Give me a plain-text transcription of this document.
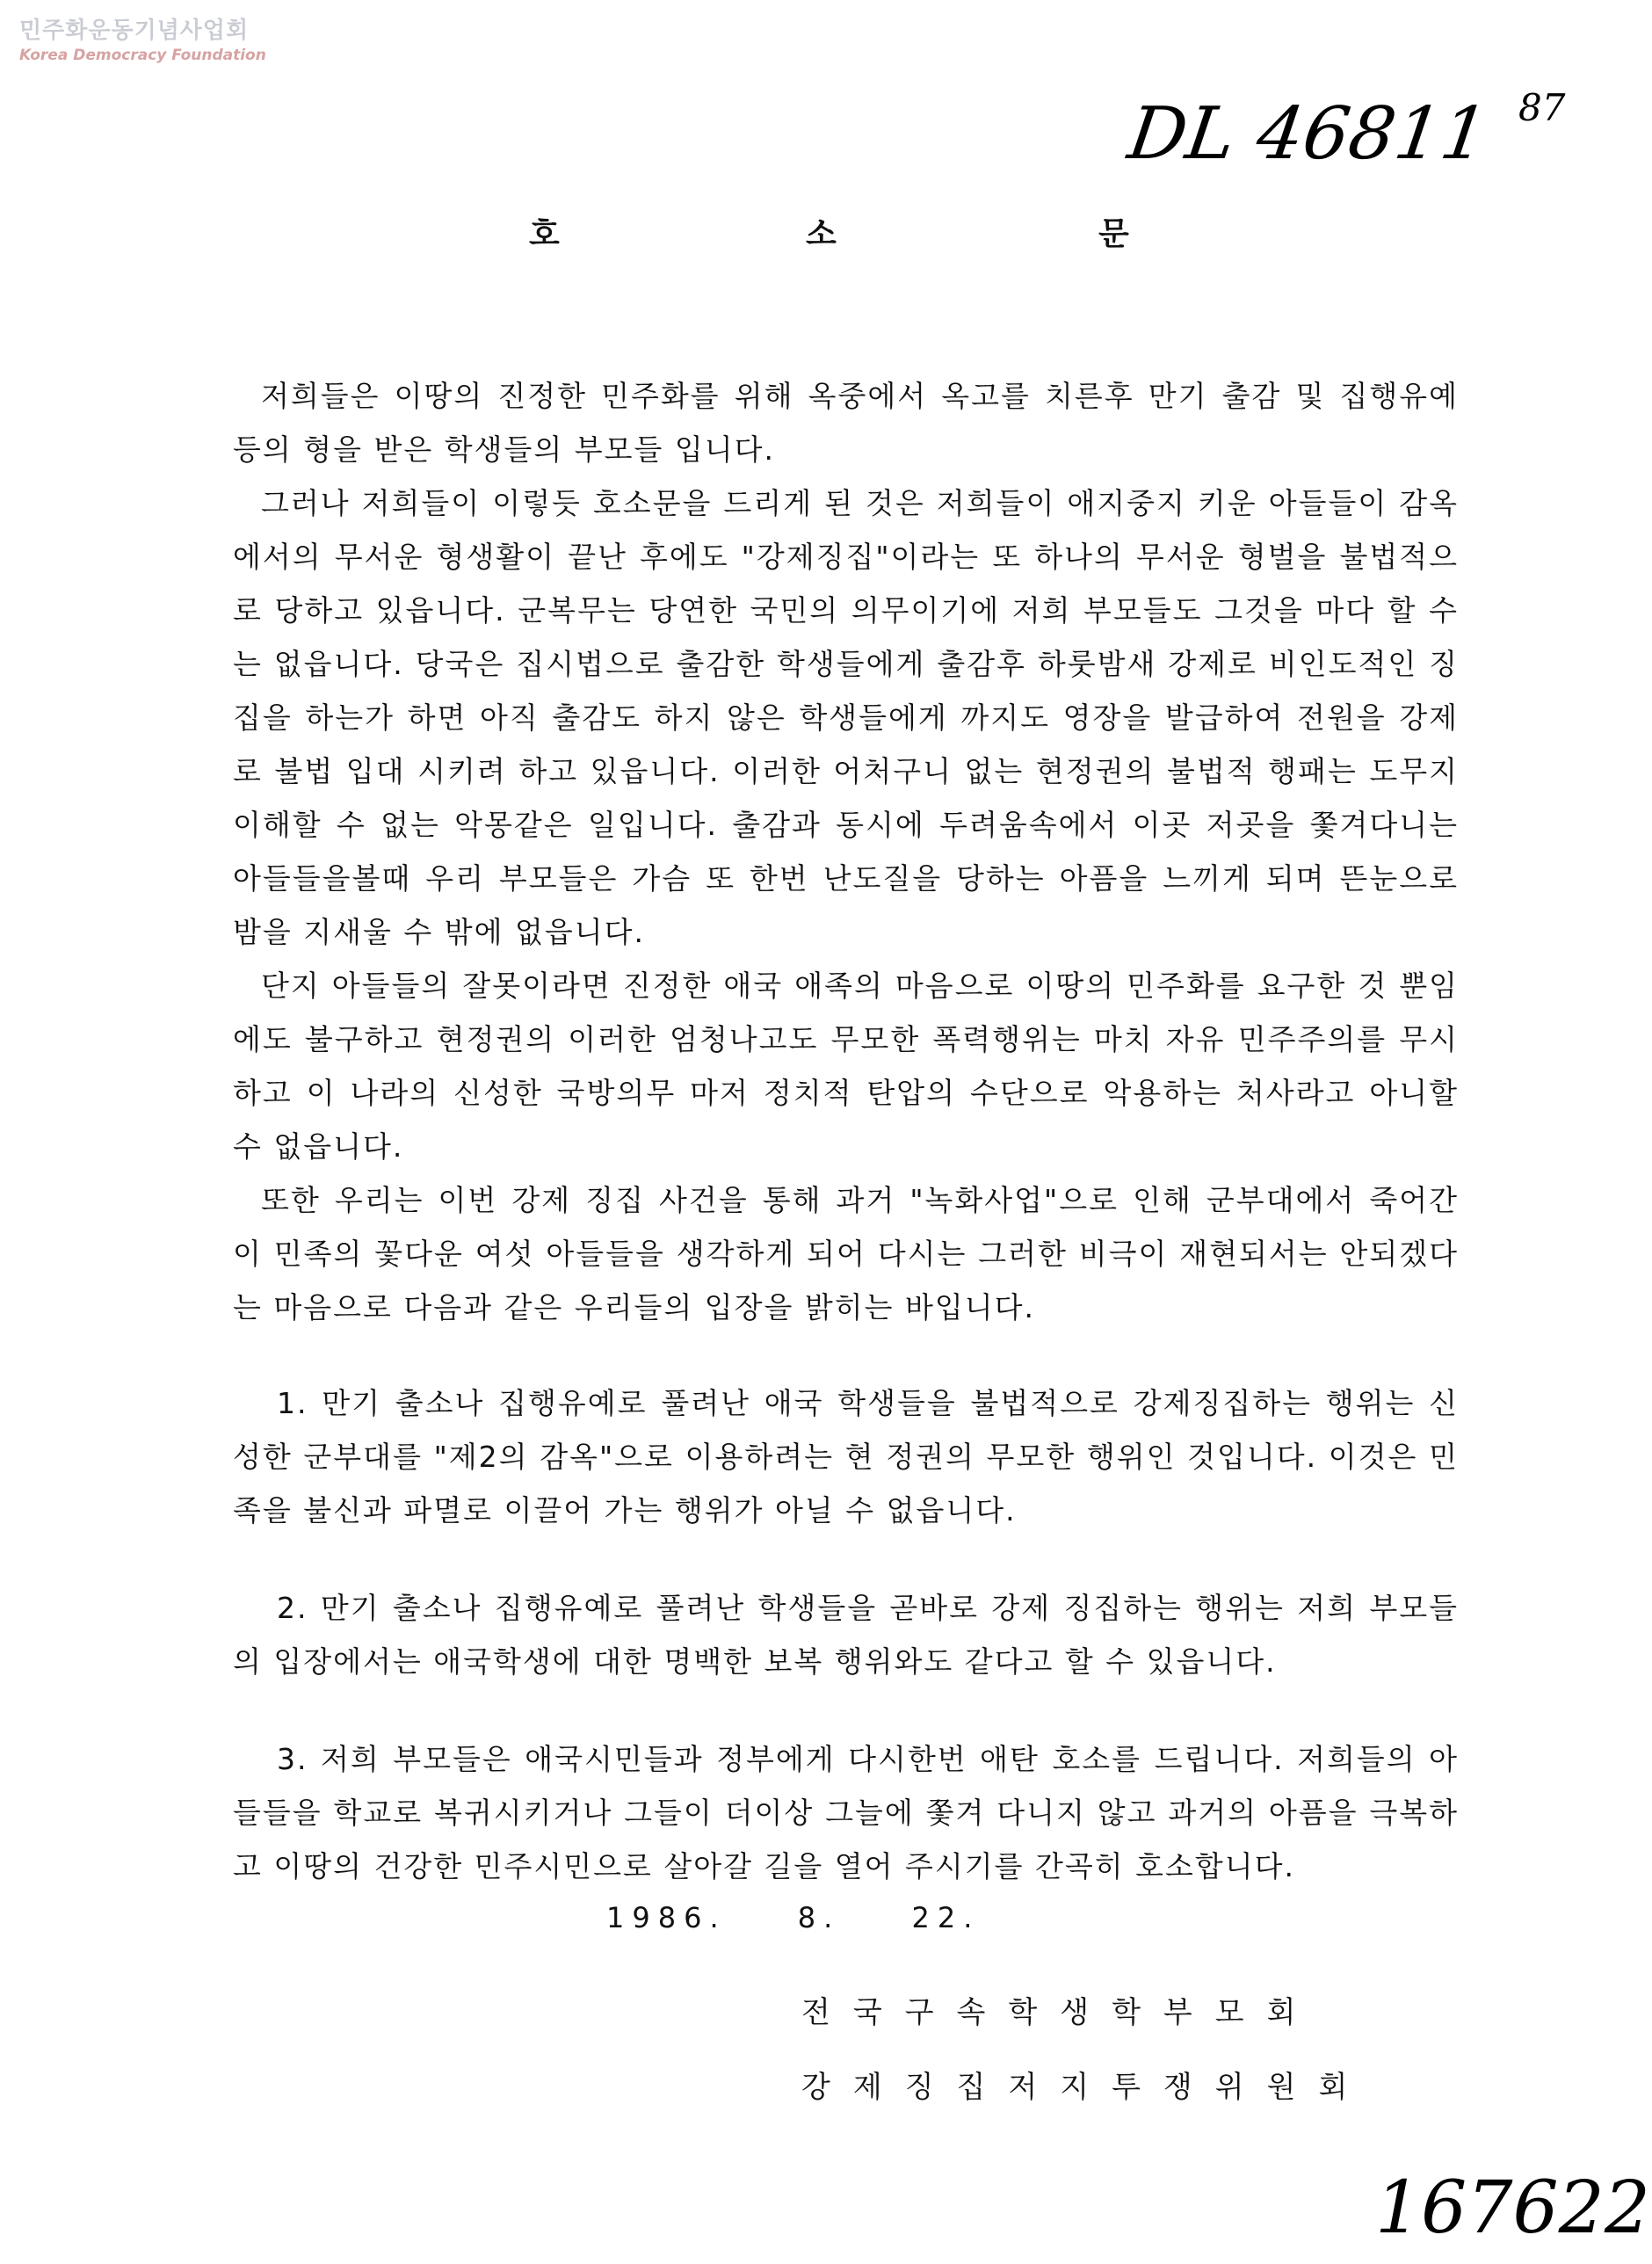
민주화운동기념사업회
Korea Democracy Foundation
DL 46811 87
호	소	문

저희들은 이땅의 진정한 민주화를 위해 옥중에서 옥고를 치른후 만기 출감 및 집행유예 등의 형을 받은 학생들의 부모들 입니다.

그러나 저희들이 이렇듯 호소문을 드리게 된 것은 저희들이 애지중지 키운 아들들이 감옥에서의 무서운 형생활이 끝난 후에도 "강제징집"이라는 또 하나의 무서운 형벌을 불법적으로 당하고 있읍니다. 군복무는 당연한 국민의 의무이기에 저희 부모들도 그것을 마다 할 수는 없읍니다. 당국은 집시법으로 출감한 학생들에게 출감후 하룻밤새 강제로 비인도적인 징집을 하는가 하면 아직 출감도 하지 않은 학생들에게 까지도 영장을 발급하여 전원을 강제로 불법 입대 시키려 하고 있읍니다. 이러한 어처구니 없는 현정권의 불법적 행패는 도무지 이해할 수 없는 악몽같은 일입니다. 출감과 동시에 두려움속에서 이곳 저곳을 쫓겨다니는 아들들을볼때 우리 부모들은 가슴 또 한번 난도질을 당하는 아픔을 느끼게 되며 뜬눈으로 밤을 지새울 수 밖에 없읍니다.

단지 아들들의 잘못이라면 진정한 애국 애족의 마음으로 이땅의 민주화를 요구한 것 뿐임에도 불구하고 현정권의 이러한 엄청나고도 무모한 폭력행위는 마치 자유 민주주의를 무시하고 이 나라의 신성한 국방의무 마저 정치적 탄압의 수단으로 악용하는 처사라고 아니할 수 없읍니다.

또한 우리는 이번 강제 징집 사건을 통해 과거 "녹화사업"으로 인해 군부대에서 죽어간 이 민족의 꽃다운 여섯 아들들을 생각하게 되어 다시는 그러한 비극이 재현되서는 안되겠다는 마음으로 다음과 같은 우리들의 입장을 밝히는 바입니다.

1. 만기 출소나 집행유예로 풀려난 애국 학생들을 불법적으로 강제징집하는 행위는 신성한 군부대를 "제2의 감옥"으로 이용하려는 현 정권의 무모한 행위인 것입니다. 이것은 민족을 불신과 파멸로 이끌어 가는 행위가 아닐 수 없읍니다.

2. 만기 출소나 집행유예로 풀려난 학생들을 곧바로 강제 징집하는 행위는 저희 부모들의 입장에서는 애국학생에 대한 명백한 보복 행위와도 같다고 할 수 있읍니다.

3. 저희 부모들은 애국시민들과 정부에게 다시한번 애탄 호소를 드립니다. 저희들의 아들들을 학교로 복귀시키거나 그들이 더이상 그늘에 쫓겨 다니지 않고 과거의 아픔을 극복하고 이땅의 건강한 민주시민으로 살아갈 길을 열어 주시기를 간곡히 호소합니다.

1986. 8. 22.
전국구속학생학부모회
강제징집저지투쟁위원회
167622
